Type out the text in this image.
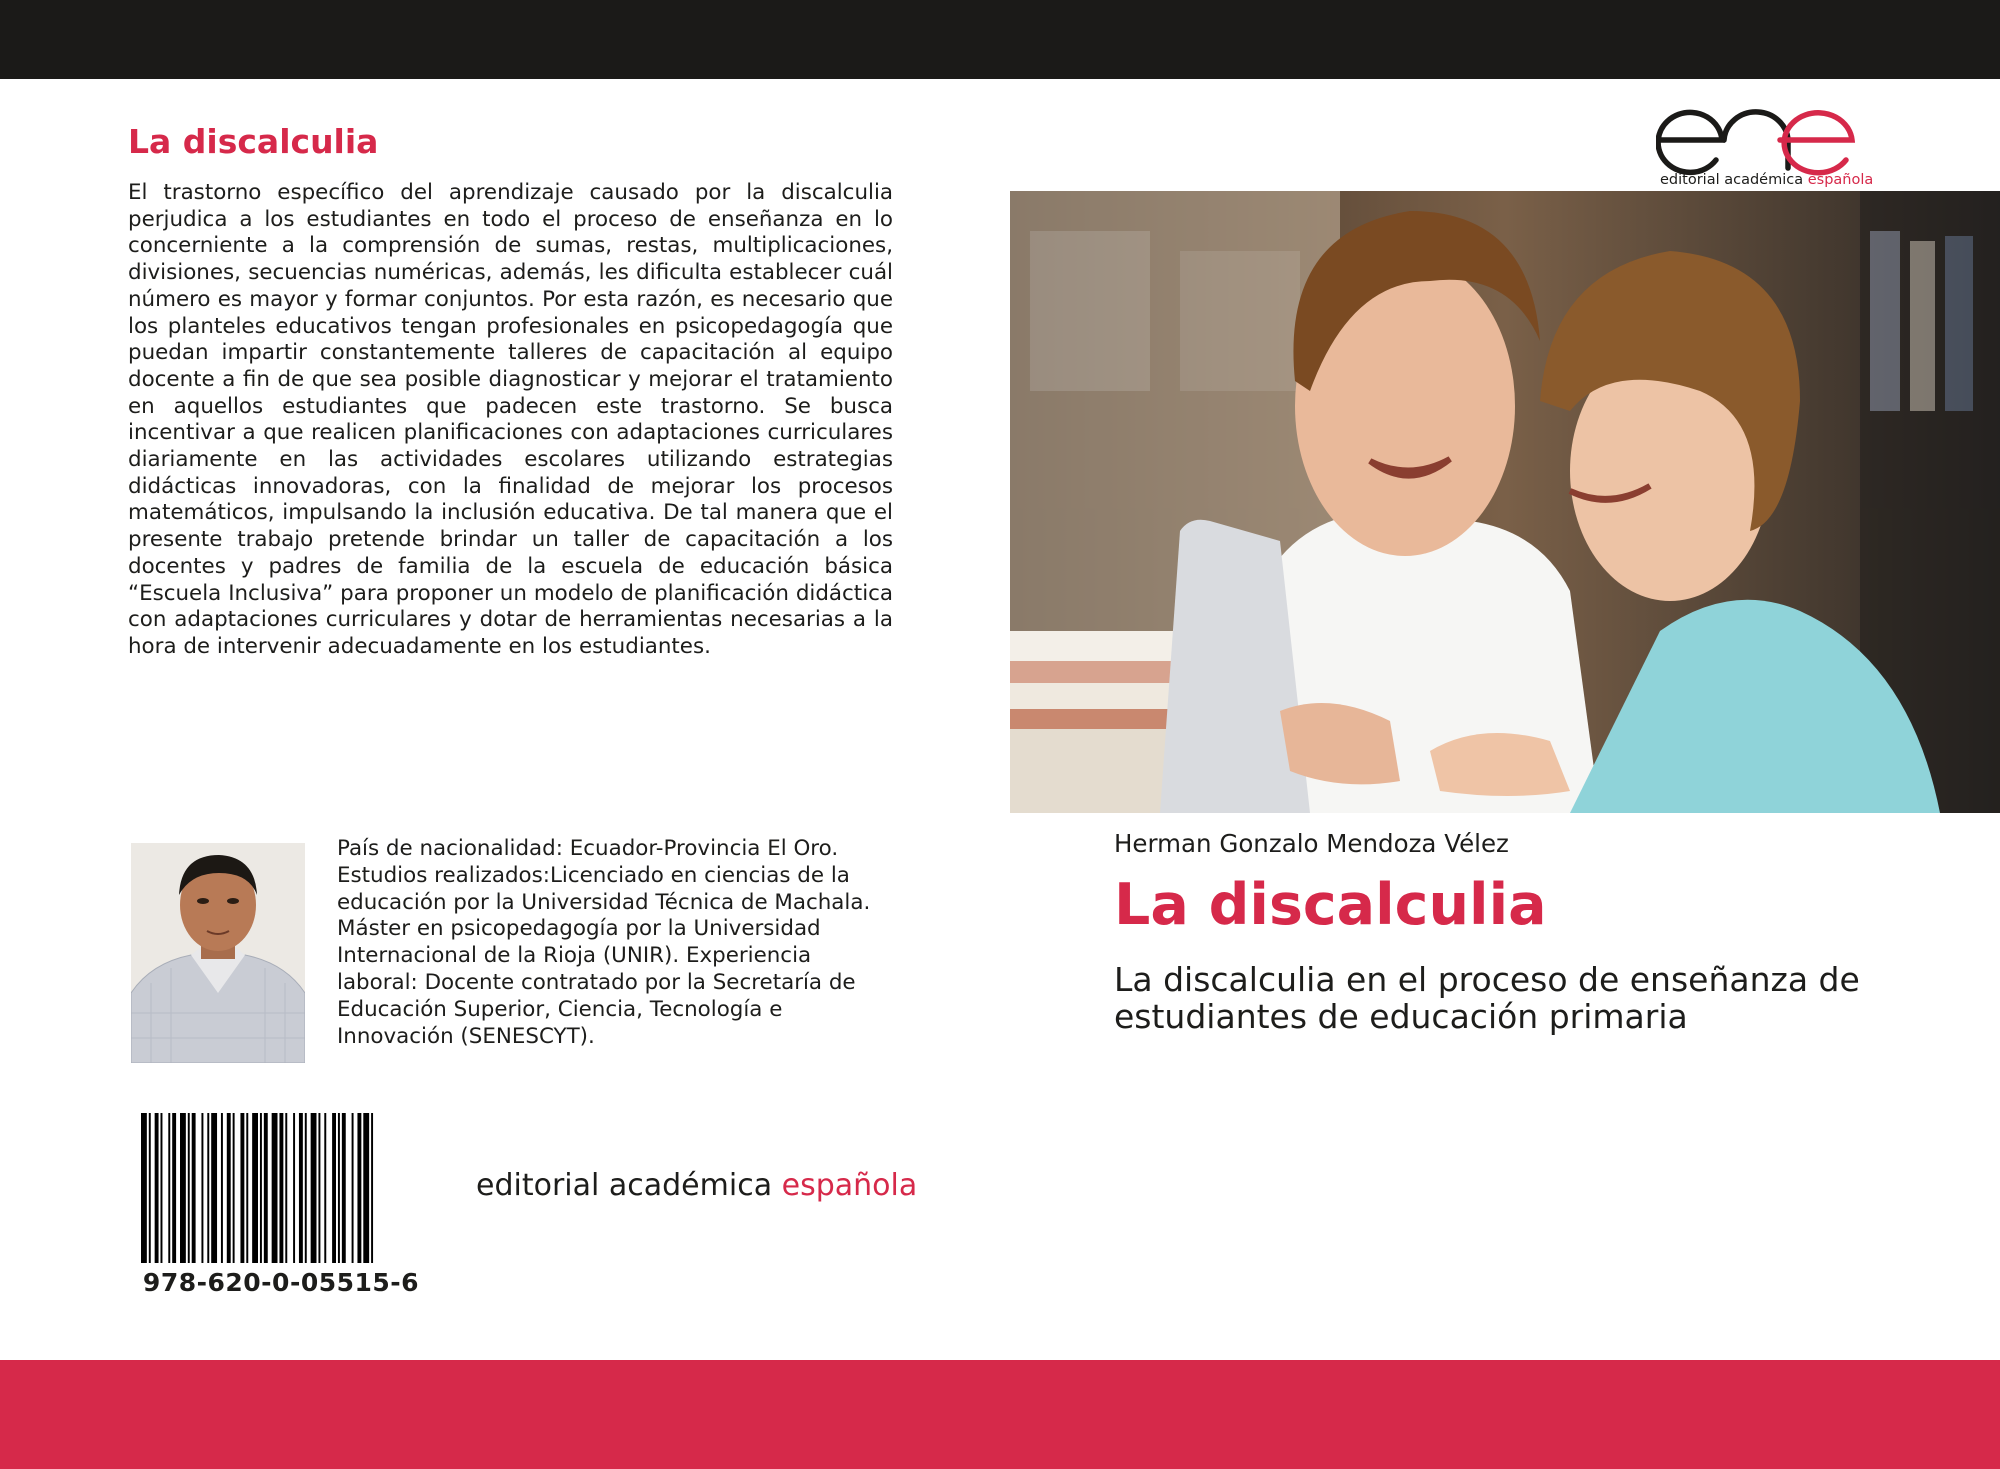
La discalculia

El trastorno específico del aprendizaje causado por la discalculia perjudica a los estudiantes en todo el proceso de enseñanza en lo concerniente a la comprensión de sumas, restas, multiplicaciones, divisiones, secuencias numéricas, además, les dificulta establecer cuál número es mayor y formar conjuntos. Por esta razón, es necesario que los planteles educativos tengan profesionales en psicopedagogía que puedan impartir constantemente talleres de capacitación al equipo docente a fin de que sea posible diagnosticar y mejorar el tratamiento en aquellos estudiantes que padecen este trastorno. Se busca incentivar a que realicen planificaciones con adaptaciones curriculares diariamente en las actividades escolares utilizando estrategias didácticas innovadoras, con la finalidad de mejorar los procesos matemáticos, impulsando la inclusión educativa. De tal manera que el presente trabajo pretende brindar un taller de capacitación a los docentes y padres de familia de la escuela de educación básica “Escuela Inclusiva” para proponer un modelo de planificación didáctica con adaptaciones curriculares y dotar de herramientas necesarias a la hora de intervenir adecuadamente en los estudiantes.

País de nacionalidad: Ecuador-Provincia El Oro. Estudios realizados:Licenciado en ciencias de la educación por la Universidad Técnica de Machala. Máster en psicopedagogía por la Universidad Internacional de la Rioja (UNIR). Experiencia laboral: Docente contratado por la Secretaría de Educación Superior, Ciencia, Tecnología e Innovación (SENESCYT).

978-620-0-05515-6
editorial académica española
editorial académica española

Herman Gonzalo Mendoza Vélez

La discalculia

La discalculia en el proceso de enseñanza de estudiantes de educación primaria
